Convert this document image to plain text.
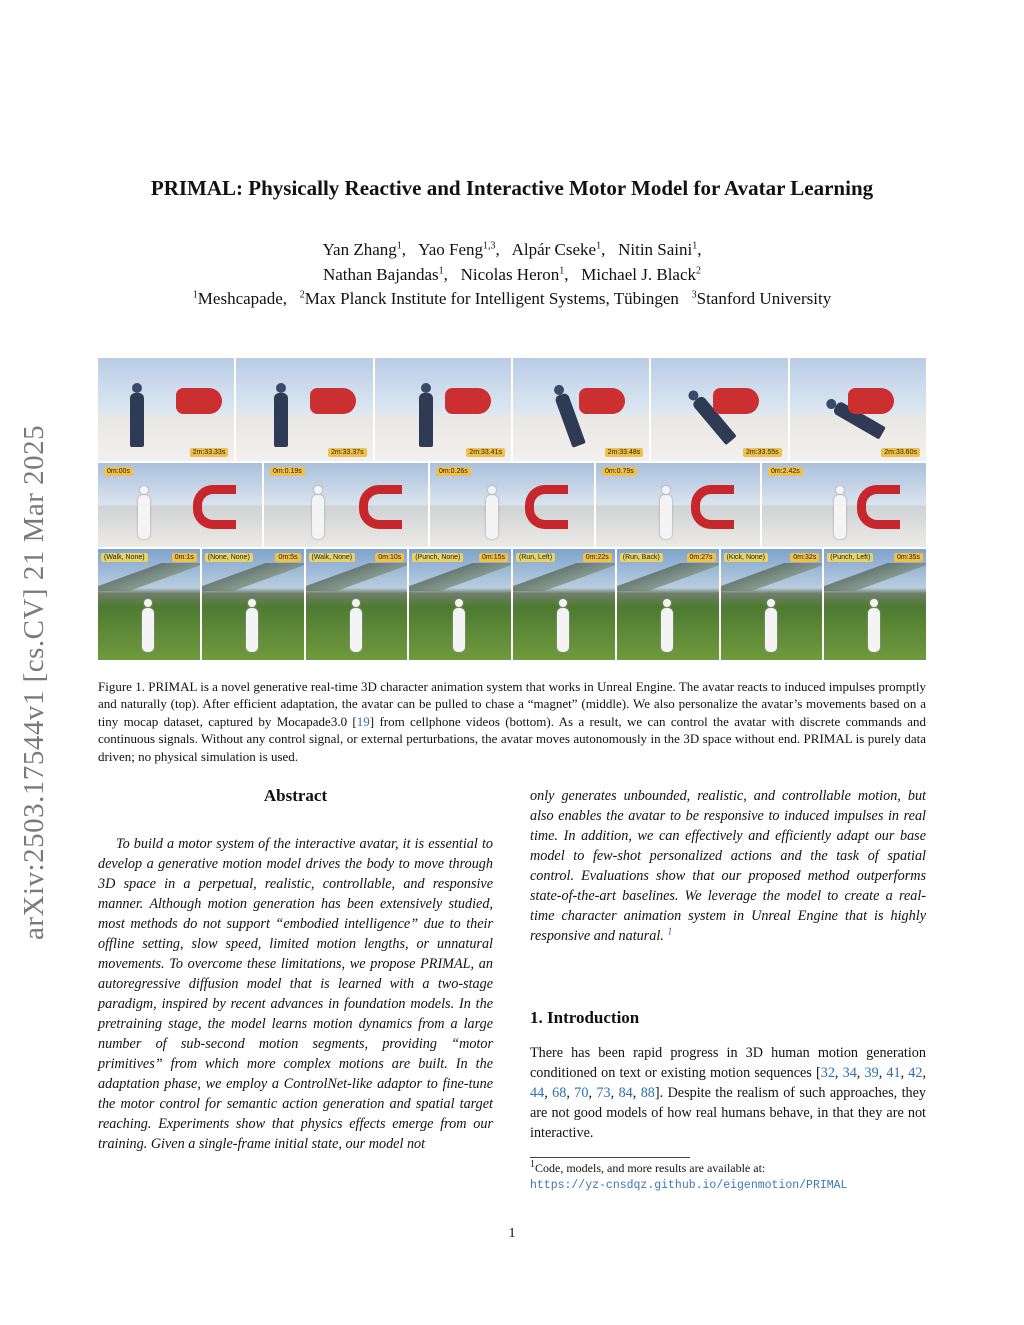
arXiv:2503.17544v1 [cs.CV] 21 Mar 2025
PRIMAL: Physically Reactive and Interactive Motor Model for Avatar Learning
Yan Zhang$^1$,  Yao Feng$^{1,3}$,  Alpár Cseke$^1$,  Nitin Saini$^1$,
Nathan Bajandas$^1$,  Nicolas Heron$^1$,  Michael J. Black$^2$
$^1$Meshcapade,  $^2$Max Planck Institute for Intelligent Systems, Tübingen  $^3$Stanford University
2m:33.33s	2m:33.37s	2m:33.41s	2m:33.48s	2m:33.55s	2m:33.60s
0m:00s	0m:0.19s	0m:0.26s	0m:0.79s	0m:2.42s
(Walk, None)	0m:1s	(None, None)	0m:5s	(Walk, None)	0m:10s	(Punch, None)	0m:15s	(Run, Left)	0m:22s	(Run, Back)	0m:27s	(Kick, None)	0m:32s	(Punch, Left)	0m:35s
Figure 1. PRIMAL is a novel generative real-time 3D character animation system that works in Unreal Engine. The avatar reacts to induced impulses promptly and naturally (top). After efficient adaptation, the avatar can be pulled to chase a “magnet” (middle). We also personalize the avatar’s movements based on a tiny mocap dataset, captured by Mocapade3.0 [19] from cellphone videos (bottom). As a result, we can control the avatar with discrete commands and continuous signals. Without any control signal, or external perturbations, the avatar moves autonomously in the 3D space without end. PRIMAL is purely data driven; no physical simulation is used.
Abstract
To build a motor system of the interactive avatar, it is essential to develop a generative motion model drives the body to move through 3D space in a perpetual, realistic, controllable, and responsive manner. Although motion generation has been extensively studied, most methods do not support “embodied intelligence” due to their offline setting, slow speed, limited motion lengths, or unnatural movements. To overcome these limitations, we propose PRIMAL, an autoregressive diffusion model that is learned with a two-stage paradigm, inspired by recent advances in foundation models. In the pretraining stage, the model learns motion dynamics from a large number of sub-second motion segments, providing “motor primitives” from which more complex motions are built. In the adaptation phase, we employ a ControlNet-like adaptor to fine-tune the motor control for semantic action generation and spatial target reaching. Experiments show that physics effects emerge from our training. Given a single-frame initial state, our model not
only generates unbounded, realistic, and controllable motion, but also enables the avatar to be responsive to induced impulses in real time. In addition, we can effectively and efficiently adapt our base model to few-shot personalized actions and the task of spatial control. Evaluations show that our proposed method outperforms state-of-the-art baselines. We leverage the model to create a real-time character animation system in Unreal Engine that is highly responsive and natural. $^1$
1. Introduction
There has been rapid progress in 3D human motion generation conditioned on text or existing motion sequences [32, 34, 39, 41, 42, 44, 68, 70, 73, 84, 88]. Despite the realism of such approaches, they are not good models of how real humans behave, in that they are not interactive.
$^1$Code, models, and more results are available at:
https://yz-cnsdqz.github.io/eigenmotion/PRIMAL
1
